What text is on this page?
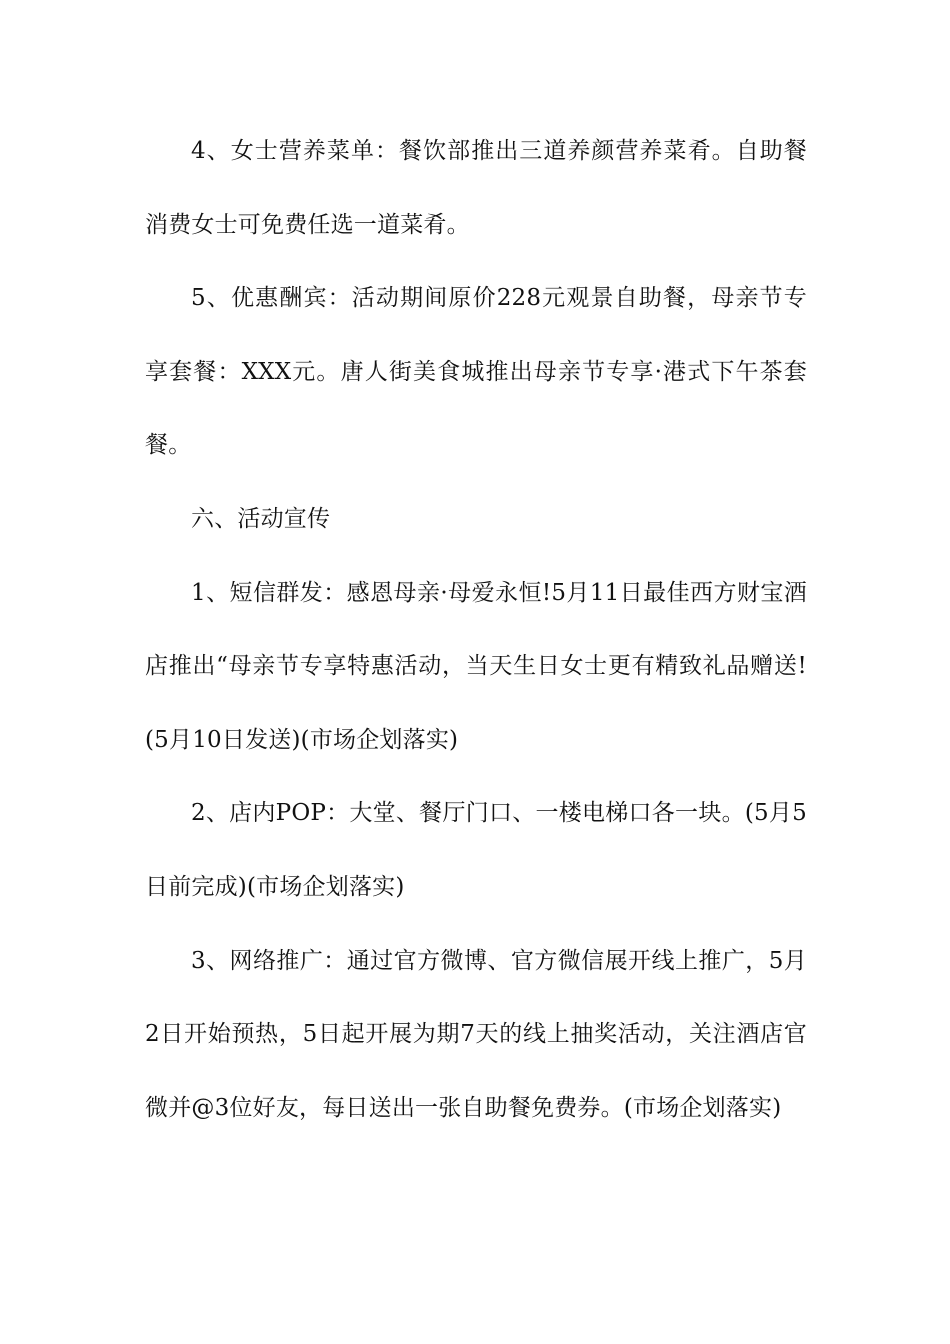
4、女士营养菜单：餐饮部推出三道养颜营养菜肴。自助餐消费女士可免费任选一道菜肴。

5、优惠酬宾：活动期间原价228元观景自助餐，母亲节专享套餐：XXX元。唐人街美食城推出母亲节专享·港式下午茶套餐。

六、活动宣传

1、短信群发：感恩母亲·母爱永恒!5月11日最佳西方财宝酒店推出“母亲节专享特惠活动，当天生日女士更有精致礼品赠送!(5月10日发送)(市场企划落实)

2、店内POP：大堂、餐厅门口、一楼电梯口各一块。(5月5日前完成)(市场企划落实)

3、网络推广：通过官方微博、官方微信展开线上推广，5月2日开始预热，5日起开展为期7天的线上抽奖活动，关注酒店官微并@3位好友，每日送出一张自助餐免费券。(市场企划落实)
